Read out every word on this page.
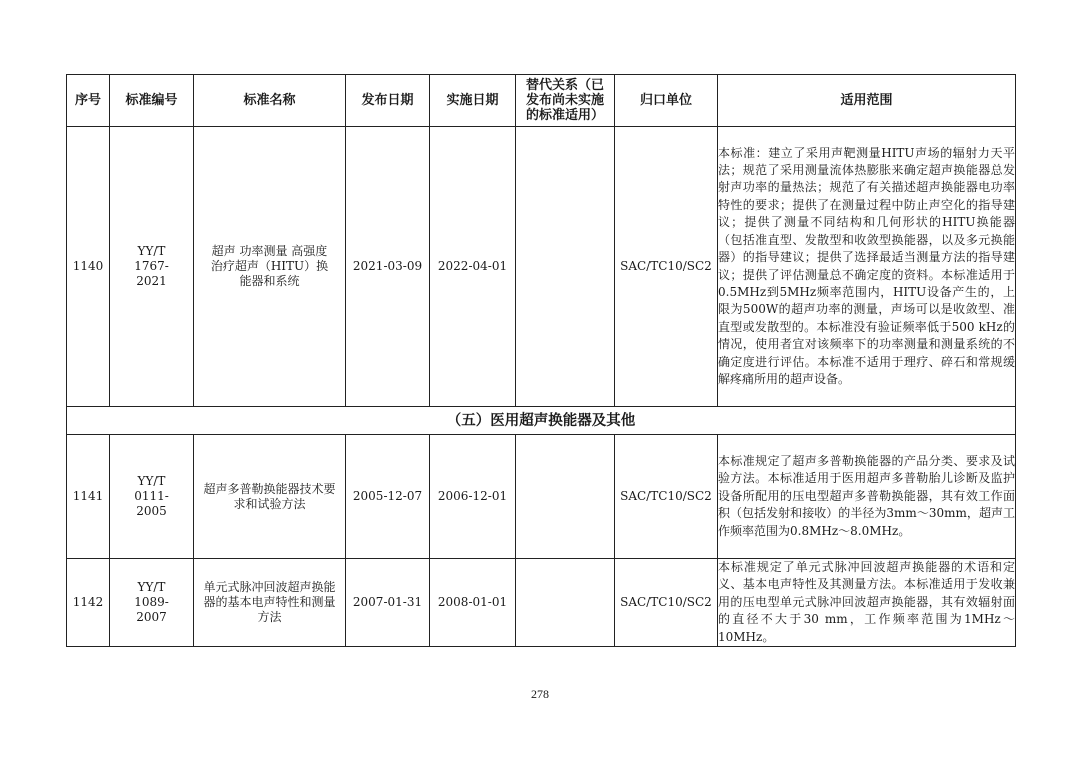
序号	标准编号	标准名称	发布日期	实施日期	替代关系（已发布尚未实施的标准适用）	归口单位	适用范围
1140	YY/T 1767-2021	超声 功率测量 高强度治疗超声（HITU）换能器和系统	2021-03-09	2022-04-01		SAC/TC10/SC2	本标准：建立了采用声靶测量HITU声场的辐射力天平法；规范了采用测量流体热膨胀来确定超声换能器总发射声功率的量热法；规范了有关描述超声换能器电功率特性的要求；提供了在测量过程中防止声空化的指导建议；提供了测量不同结构和几何形状的HITU换能器（包括准直型、发散型和收敛型换能器，以及多元换能器）的指导建议；提供了选择最适当测量方法的指导建议；提供了评估测量总不确定度的资料。本标准适用于0.5MHz到5MHz频率范围内，HITU设备产生的，上限为500W的超声功率的测量，声场可以是收敛型、准直型或发散型的。本标准没有验证频率低于500 kHz的情况，使用者宜对该频率下的功率测量和测量系统的不确定度进行评估。本标准不适用于理疗、碎石和常规缓解疼痛所用的超声设备。
（五）医用超声换能器及其他							
1141	YY/T 0111-2005	超声多普勒换能器技术要求和试验方法	2005-12-07	2006-12-01		SAC/TC10/SC2	本标准规定了超声多普勒换能器的产品分类、要求及试验方法。本标准适用于医用超声多普勒胎儿诊断及监护设备所配用的压电型超声多普勒换能器，其有效工作面积（包括发射和接收）的半径为3mm～30mm，超声工作频率范围为0.8MHz～8.0MHz。
1142	YY/T 1089-2007	单元式脉冲回波超声换能器的基本电声特性和测量方法	2007-01-31	2008-01-01		SAC/TC10/SC2	本标准规定了单元式脉冲回波超声换能器的术语和定义、基本电声特性及其测量方法。本标准适用于发收兼用的压电型单元式脉冲回波超声换能器，其有效辐射面的直径不大于30 mm，工作频率范围为1MHz～10MHz。
278
